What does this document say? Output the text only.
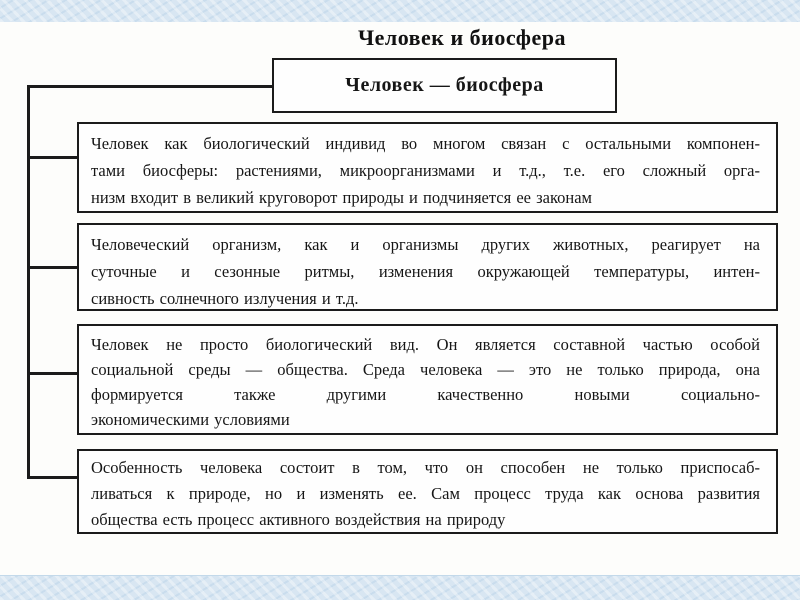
Человек и биосфера
Человек — биосфера
Человек как биологический индивид во многом связан с остальными компонен-
тами биосферы: растениями, микроорганизмами и т.д., т.е. его сложный орга-
низм входит в великий круговорот природы и подчиняется ее законам
Человеческий организм, как и организмы других животных, реагирует на
суточные и сезонные ритмы, изменения окружающей температуры, интен-
сивность солнечного излучения и т.д.
Человек не просто биологический вид. Он является составной частью особой
социальной среды — общества. Среда человека — это не только природа, она
формируется также другими качественно новыми социально-
экономическими условиями
Особенность человека состоит в том, что он способен не только приспосаб-
ливаться к природе, но и изменять ее. Сам процесс труда как основа развития
общества есть процесс активного воздействия на природу
